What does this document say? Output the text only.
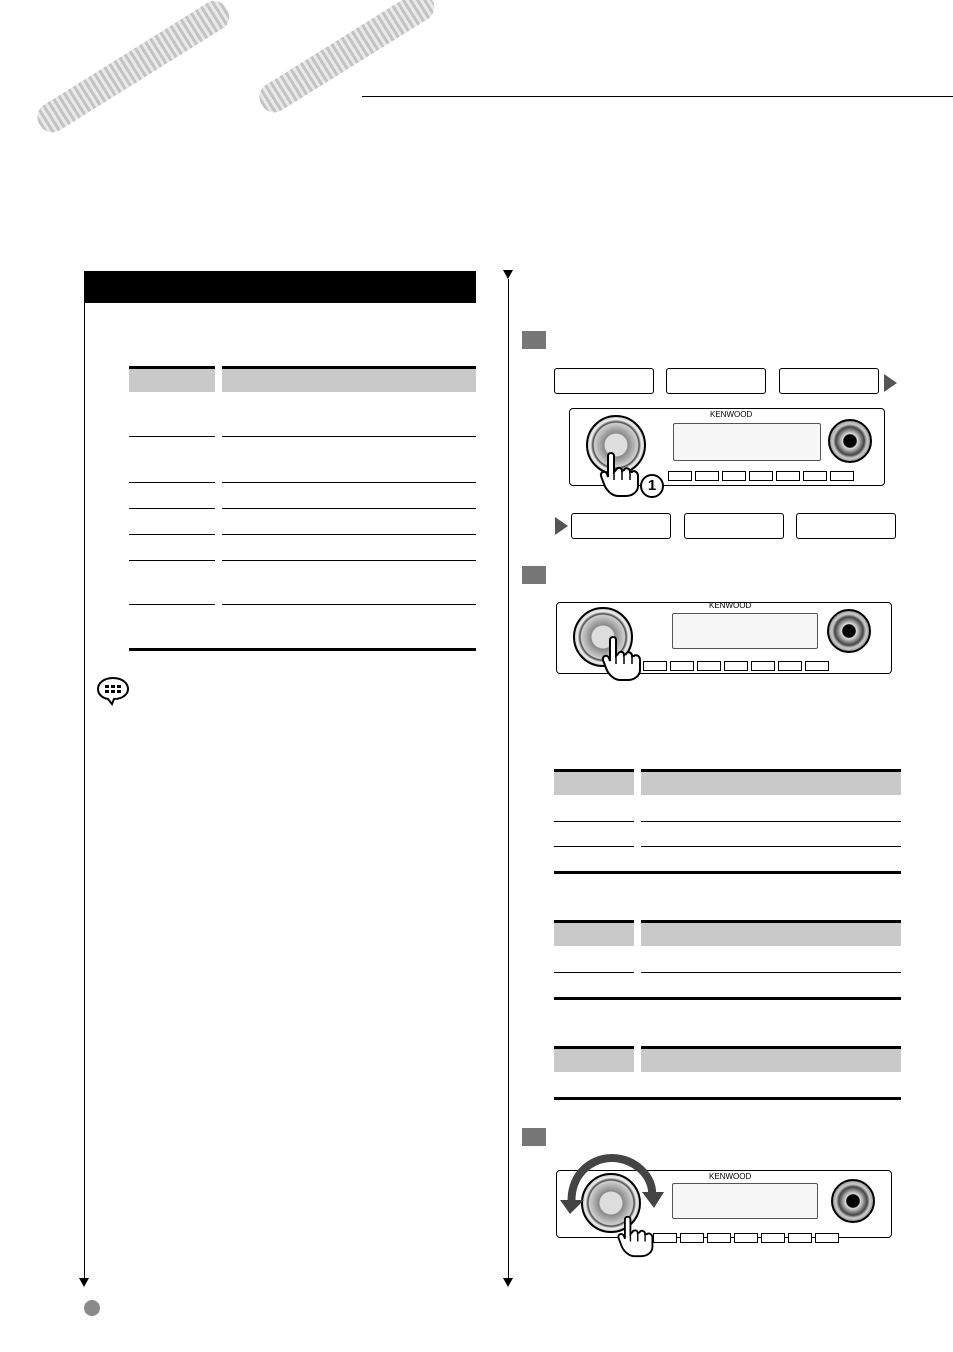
KENWOOD
1
KENWOOD
KENWOOD
